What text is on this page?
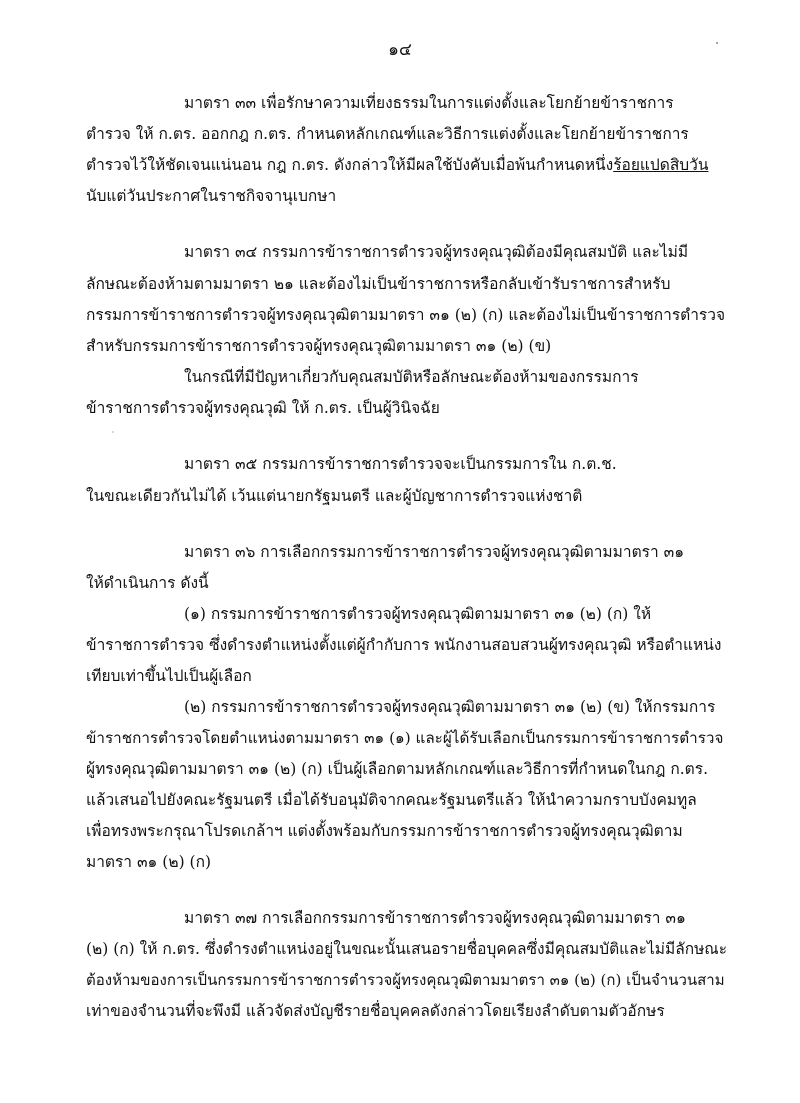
๑๔
มาตรา ๓๓ เพื่อรักษาความเที่ยงธรรมในการแต่งตั้งและโยกย้ายข้าราชการ
ตำรวจ ให้ ก.ตร. ออกกฎ ก.ตร. กำหนดหลักเกณฑ์และวิธีการแต่งตั้งและโยกย้ายข้าราชการ
ตำรวจไว้ให้ชัดเจนแน่นอน กฎ ก.ตร. ดังกล่าวให้มีผลใช้บังคับเมื่อพ้นกำหนดหนึ่งร้อยแปดสิบวัน
นับแต่วันประกาศในราชกิจจานุเบกษา
มาตรา ๓๔ กรรมการข้าราชการตำรวจผู้ทรงคุณวุฒิต้องมีคุณสมบัติ และไม่มี
ลักษณะต้องห้ามตามมาตรา ๒๑ และต้องไม่เป็นข้าราชการหรือกลับเข้ารับราชการสำหรับ
กรรมการข้าราชการตำรวจผู้ทรงคุณวุฒิตามมาตรา ๓๑ (๒) (ก) และต้องไม่เป็นข้าราชการตำรวจ
สำหรับกรรมการข้าราชการตำรวจผู้ทรงคุณวุฒิตามมาตรา ๓๑ (๒) (ข)
ในกรณีที่มีปัญหาเกี่ยวกับคุณสมบัติหรือลักษณะต้องห้ามของกรรมการ
ข้าราชการตำรวจผู้ทรงคุณวุฒิ ให้ ก.ตร. เป็นผู้วินิจฉัย
มาตรา ๓๕ กรรมการข้าราชการตำรวจจะเป็นกรรมการใน ก.ต.ช.
ในขณะเดียวกันไม่ได้ เว้นแต่นายกรัฐมนตรี และผู้บัญชาการตำรวจแห่งชาติ
มาตรา ๓๖ การเลือกกรรมการข้าราชการตำรวจผู้ทรงคุณวุฒิตามมาตรา ๓๑
ให้ดำเนินการ ดังนี้
(๑) กรรมการข้าราชการตำรวจผู้ทรงคุณวุฒิตามมาตรา ๓๑ (๒) (ก) ให้
ข้าราชการตำรวจ ซึ่งดำรงตำแหน่งตั้งแต่ผู้กำกับการ พนักงานสอบสวนผู้ทรงคุณวุฒิ หรือตำแหน่ง
เทียบเท่าขึ้นไปเป็นผู้เลือก
(๒) กรรมการข้าราชการตำรวจผู้ทรงคุณวุฒิตามมาตรา ๓๑ (๒) (ข) ให้กรรมการ
ข้าราชการตำรวจโดยตำแหน่งตามมาตรา ๓๑ (๑) และผู้ได้รับเลือกเป็นกรรมการข้าราชการตำรวจ
ผู้ทรงคุณวุฒิตามมาตรา ๓๑ (๒) (ก) เป็นผู้เลือกตามหลักเกณฑ์และวิธีการที่กำหนดในกฎ ก.ตร.
แล้วเสนอไปยังคณะรัฐมนตรี เมื่อได้รับอนุมัติจากคณะรัฐมนตรีแล้ว ให้นำความกราบบังคมทูล
เพื่อทรงพระกรุณาโปรดเกล้าฯ แต่งตั้งพร้อมกับกรรมการข้าราชการตำรวจผู้ทรงคุณวุฒิตาม
มาตรา ๓๑ (๒) (ก)
มาตรา ๓๗ การเลือกกรรมการข้าราชการตำรวจผู้ทรงคุณวุฒิตามมาตรา ๓๑
(๒) (ก) ให้ ก.ตร. ซึ่งดำรงตำแหน่งอยู่ในขณะนั้นเสนอรายชื่อบุคคลซึ่งมีคุณสมบัติและไม่มีลักษณะ
ต้องห้ามของการเป็นกรรมการข้าราชการตำรวจผู้ทรงคุณวุฒิตามมาตรา ๓๑ (๒) (ก) เป็นจำนวนสาม
เท่าของจำนวนที่จะพึงมี แล้วจัดส่งบัญชีรายชื่อบุคคลดังกล่าวโดยเรียงลำดับตามตัวอักษร
